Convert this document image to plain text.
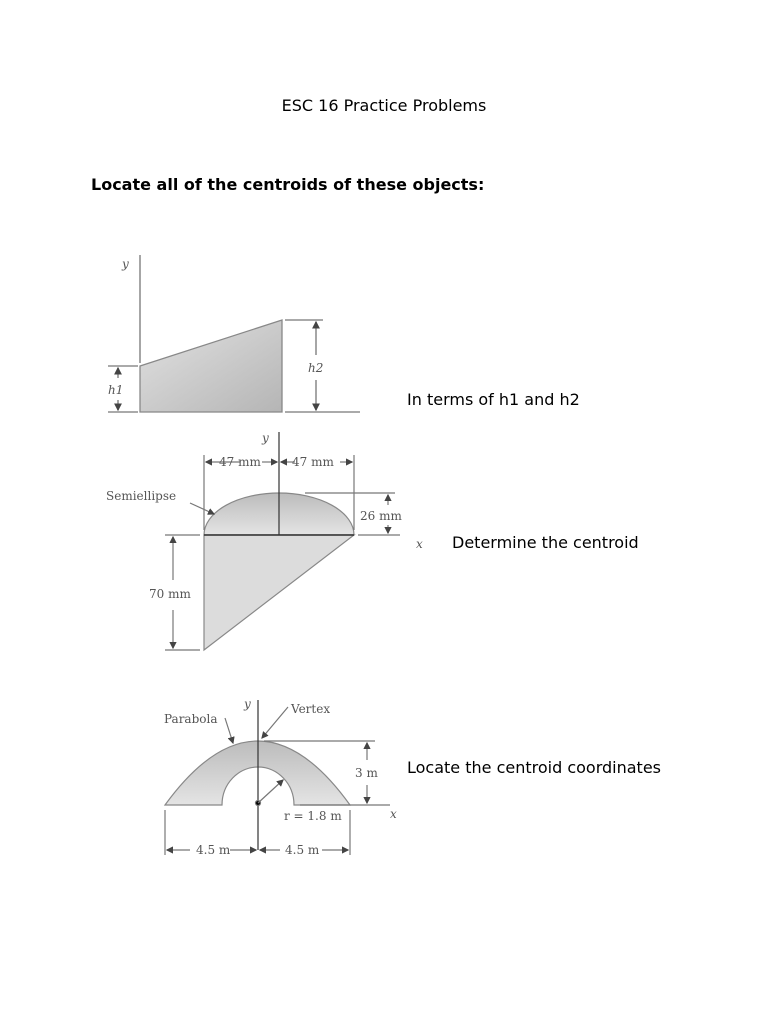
ESC 16 Practice Problems
Locate all of the centroids of these objects:
In terms of h1 and h2
Determine the centroid
Locate the centroid coordinates
y
h1
h2
y
47 mm	47 mm
Semiellipse
26 mm
70 mm
x
y
Parabola
Vertex
3 m
r = 1.8 m
4.5 m	4.5 m
x
